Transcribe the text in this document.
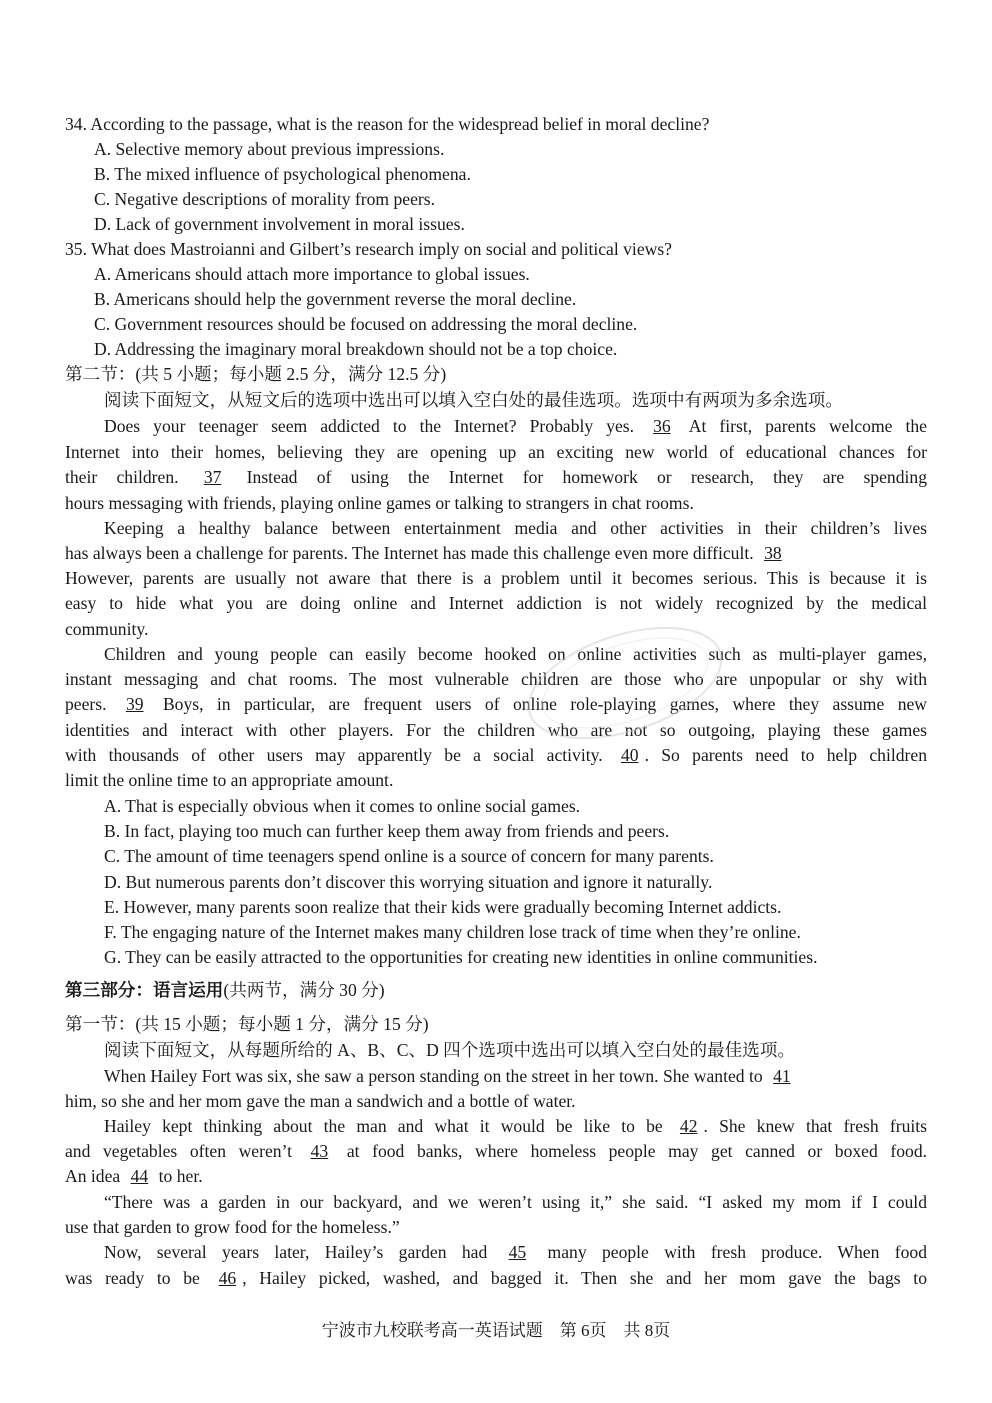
34. According to the passage, what is the reason for the widespread belief in moral decline?
A. Selective memory about previous impressions.
B. The mixed influence of psychological phenomena.
C. Negative descriptions of morality from peers.
D. Lack of government involvement in moral issues.
35. What does Mastroianni and Gilbert’s research imply on social and political views?
A. Americans should attach more importance to global issues.
B. Americans should help the government reverse the moral decline.
C. Government resources should be focused on addressing the moral decline.
D. Addressing the imaginary moral breakdown should not be a top choice.
第二节：(共 5 小题；每小题 2.5 分，满分 12.5 分)
阅读下面短文，从短文后的选项中选出可以填入空白处的最佳选项。选项中有两项为多余选项。
Does your teenager seem addicted to the Internet? Probably yes. 36 At first, parents welcome the
Internet into their homes, believing they are opening up an exciting new world of educational chances for
their children. 37 Instead of using the Internet for homework or research, they are spending
hours messaging with friends, playing online games or talking to strangers in chat rooms.
Keeping a healthy balance between entertainment media and other activities in their children’s lives
has always been a challenge for parents. The Internet has made this challenge even more difficult. 38
However, parents are usually not aware that there is a problem until it becomes serious. This is because it is
easy to hide what you are doing online and Internet addiction is not widely recognized by the medical
community.
Children and young people can easily become hooked on online activities such as multi-player games,
instant messaging and chat rooms. The most vulnerable children are those who are unpopular or shy with
peers. 39 Boys, in particular, are frequent users of online role-playing games, where they assume new
identities and interact with other players. For the children who are not so outgoing, playing these games
with thousands of other users may apparently be a social activity. 40 . So parents need to help children
limit the online time to an appropriate amount.
A. That is especially obvious when it comes to online social games.
B. In fact, playing too much can further keep them away from friends and peers.
C. The amount of time teenagers spend online is a source of concern for many parents.
D. But numerous parents don’t discover this worrying situation and ignore it naturally.
E. However, many parents soon realize that their kids were gradually becoming Internet addicts.
F. The engaging nature of the Internet makes many children lose track of time when they’re online.
G. They can be easily attracted to the opportunities for creating new identities in online communities.
第三部分：语言运用(共两节，满分 30 分)
第一节：(共 15 小题；每小题 1 分，满分 15 分)
阅读下面短文，从每题所给的 A、B、C、D 四个选项中选出可以填入空白处的最佳选项。
When Hailey Fort was six, she saw a person standing on the street in her town. She wanted to 41
him, so she and her mom gave the man a sandwich and a bottle of water.
Hailey kept thinking about the man and what it would be like to be 42 . She knew that fresh fruits
and vegetables often weren’t 43 at food banks, where homeless people may get canned or boxed food.
An idea 44 to her.
“There was a garden in our backyard, and we weren’t using it,” she said. “I asked my mom if I could
use that garden to grow food for the homeless.”
Now, several years later, Hailey’s garden had 45 many people with fresh produce. When food
was ready to be 46 , Hailey picked, washed, and bagged it. Then she and her mom gave the bags to
宁波市九校联考高一英语试题　第 6页　共 8页
